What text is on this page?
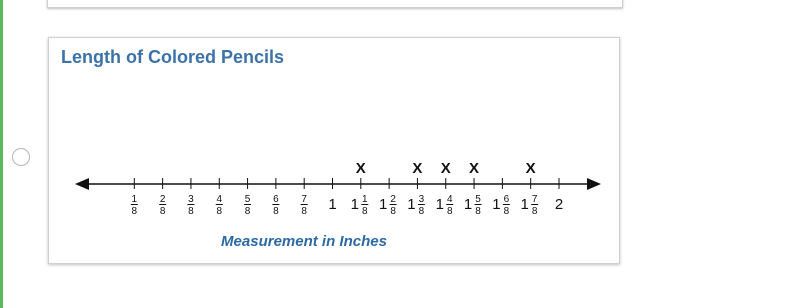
Length of Colored Pencils
1
8
2
8
3
8
4
8
5
8
6
8
7
8 1 1 1
8 1 2
8 1 3
8 1 4
8 1 5
8 1 6
8 1 7
8 2
X	X X X	X
Measurement in Inches
